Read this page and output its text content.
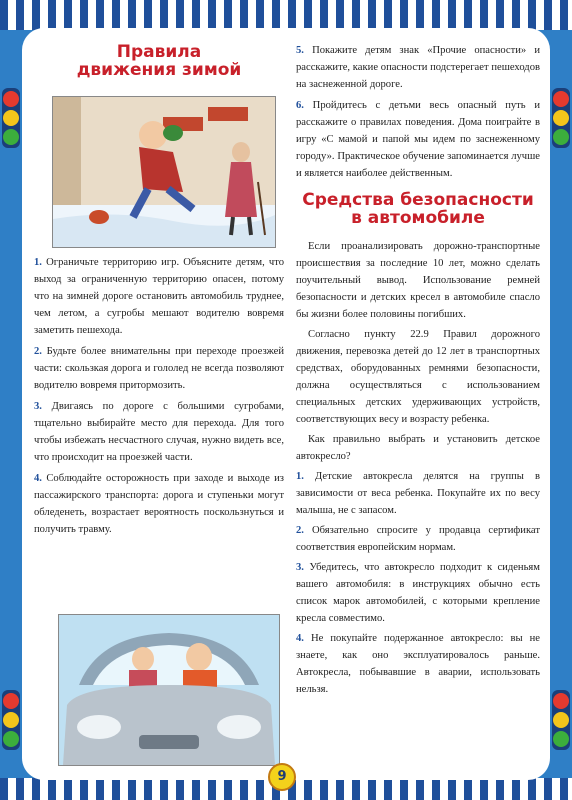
Правила
движения зимой

1. Ограничьте территорию игр. Объясните детям, что выход за ограниченную территорию опасен, потому что на зимней дороге остановить автомобиль труднее, чем летом, а сугробы мешают водителю вовремя заметить пешехода.

2. Будьте более внимательны при переходе проезжей части: скользкая дорога и гололед не всегда позволяют водителю вовремя притормозить.

3. Двигаясь по дороге с большими сугробами, тщательно выбирайте место для перехода. Для того чтобы избежать несчастного случая, нужно видеть все, что происходит на проезжей части.

4. Соблюдайте осторожность при заходе и выходе из пассажирского транспорта: дорога и ступеньки могут обледенеть, возрастает вероятность поскользнуться и получить травму.

5. Покажите детям знак «Прочие опасности» и расскажите, какие опасности подстерегает пешеходов на заснеженной дороге.

6. Пройдитесь с детьми весь опасный путь и расскажите о правилах поведения. Дома поиграйте в игру «С мамой и папой мы идем по заснеженному городу». Практическое обучение запоминается лучше и является наиболее действенным.

Средства безопасности
в автомобиле

Если проанализировать дорожно-транспортные происшествия за последние 10 лет, можно сделать поучительный вывод. Использование ремней безопасности и детских кресел в автомобиле спасло бы жизни более половины погибших.

Согласно пункту 22.9 Правил дорожного движения, перевозка детей до 12 лет в транспортных средствах, оборудованных ремнями безопасности, должна осуществляться с использованием специальных детских удерживающих устройств, соответствующих весу и возрасту ребенка.

Как правильно выбрать и установить детское автокресло?

1. Детские автокресла делятся на группы в зависимости от веса ребенка. Покупайте их по весу малыша, не с запасом.

2. Обязательно спросите у продавца сертификат соответствия европейским нормам.

3. Убедитесь, что автокресло подходит к сиденьям вашего автомобиля: в инструкциях обычно есть список марок автомобилей, с которыми крепление кресла совместимо.

4. Не покупайте подержанное автокресло: вы не знаете, как оно эксплуатировалось раньше. Автокресла, побывавшие в аварии, использовать нельзя.

9
